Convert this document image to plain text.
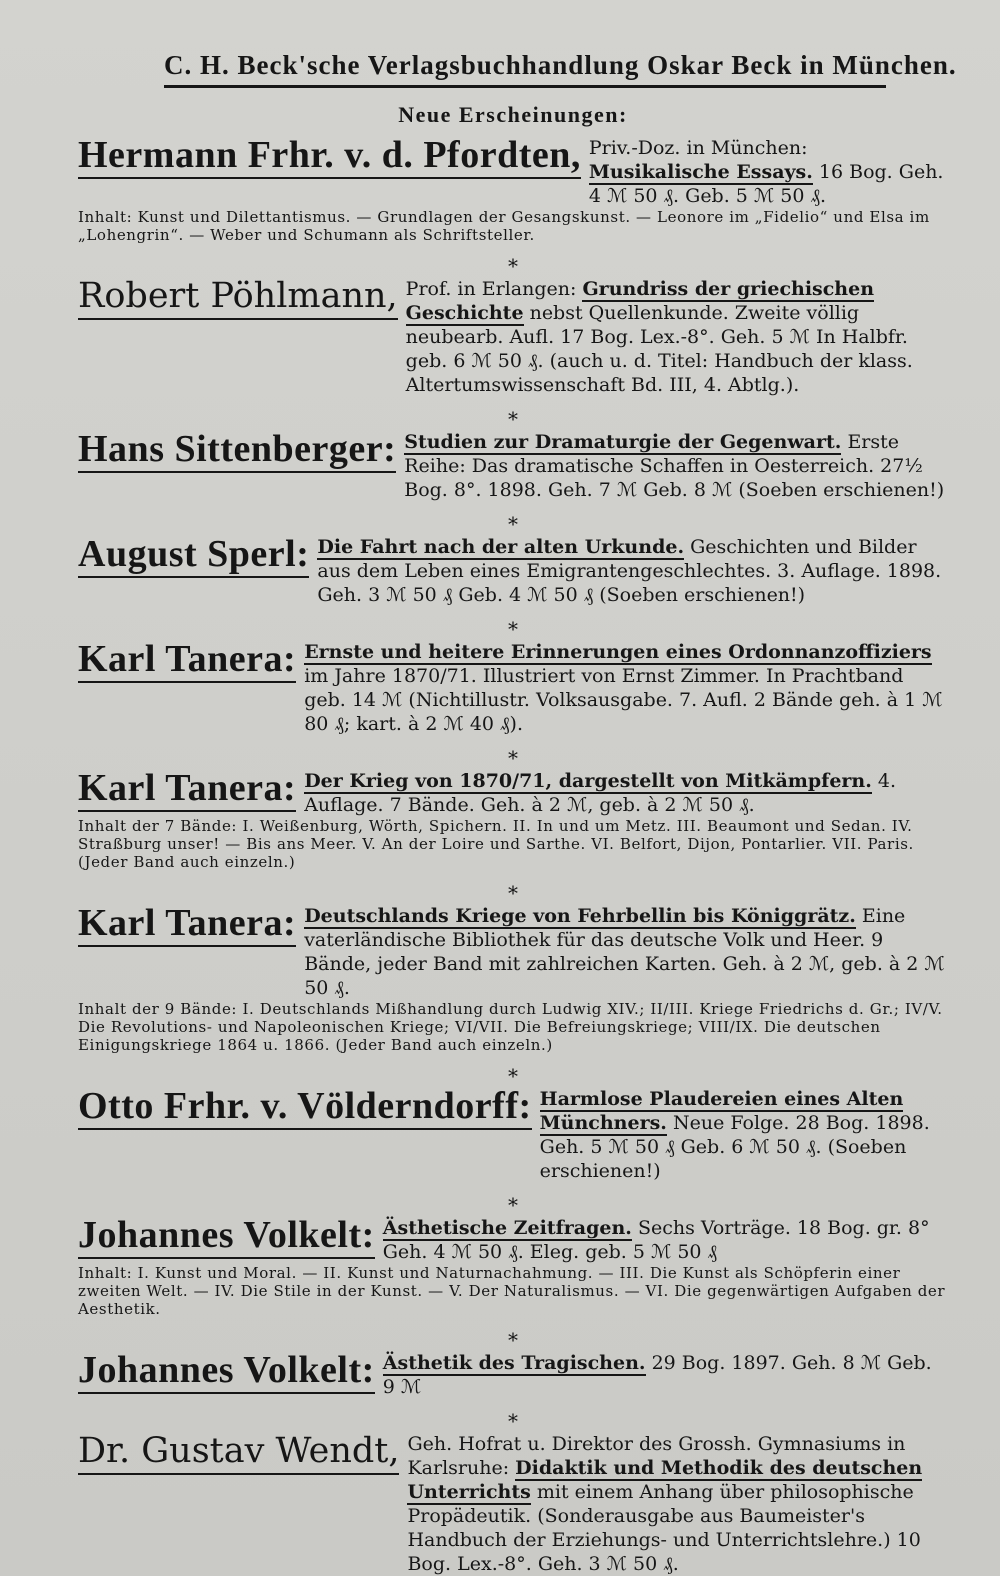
C. H. Beck'sche Verlagsbuchhandlung Oskar Beck in München.
Neue Erscheinungen:
Hermann Frhr. v. d. Pfordten, Priv.-Doz. in München: Musikalische Essays. 16 Bog. Geh. 4 ℳ 50 ₰. Geb. 5 ℳ 50 ₰.
Inhalt: Kunst und Dilettantismus. — Grundlagen der Gesangskunst. — Leonore im „Fidelio“ und Elsa im „Lohengrin“. — Weber und Schumann als Schriftsteller.
⁎
Robert Pöhlmann, Prof. in Erlangen: Grundriss der griechischen Geschichte nebst Quellenkunde. Zweite völlig neubearb. Aufl. 17 Bog. Lex.-8°. Geh. 5 ℳ In Halbfr. geb. 6 ℳ 50 ₰. (auch u. d. Titel: Handbuch der klass. Altertumswissenschaft Bd. III, 4. Abtlg.).
⁎
Hans Sittenberger: Studien zur Dramaturgie der Gegenwart. Erste Reihe: Das dramatische Schaffen in Oesterreich. 27½ Bog. 8°. 1898. Geh. 7 ℳ Geb. 8 ℳ (Soeben erschienen!)
⁎
August Sperl: Die Fahrt nach der alten Urkunde. Geschichten und Bilder aus dem Leben eines Emigrantengeschlechtes. 3. Auflage. 1898. Geh. 3 ℳ 50 ₰ Geb. 4 ℳ 50 ₰ (Soeben erschienen!)
⁎
Karl Tanera: Ernste und heitere Erinnerungen eines Ordonnanzoffiziers im Jahre 1870/71. Illustriert von Ernst Zimmer. In Prachtband geb. 14 ℳ (Nichtillustr. Volksausgabe. 7. Aufl. 2 Bände geh. à 1 ℳ 80 ₰; kart. à 2 ℳ 40 ₰).
⁎
Karl Tanera: Der Krieg von 1870/71, dargestellt von Mitkämpfern. 4. Auflage. 7 Bände. Geh. à 2 ℳ, geb. à 2 ℳ 50 ₰.
Inhalt der 7 Bände: I. Weißenburg, Wörth, Spichern. II. In und um Metz. III. Beaumont und Sedan. IV. Straßburg unser! — Bis ans Meer. V. An der Loire und Sarthe. VI. Belfort, Dijon, Pontarlier. VII. Paris. (Jeder Band auch einzeln.)
⁎
Karl Tanera: Deutschlands Kriege von Fehrbellin bis Königgrätz. Eine vaterländische Bibliothek für das deutsche Volk und Heer. 9 Bände, jeder Band mit zahlreichen Karten. Geh. à 2 ℳ, geb. à 2 ℳ 50 ₰.
Inhalt der 9 Bände: I. Deutschlands Mißhandlung durch Ludwig XIV.; II/III. Kriege Friedrichs d. Gr.; IV/V. Die Revolutions- und Napoleonischen Kriege; VI/VII. Die Befreiungskriege; VIII/IX. Die deutschen Einigungskriege 1864 u. 1866. (Jeder Band auch einzeln.)
⁎
Otto Frhr. v. Völderndorff: Harmlose Plaudereien eines Alten Münchners. Neue Folge. 28 Bog. 1898. Geh. 5 ℳ 50 ₰ Geb. 6 ℳ 50 ₰. (Soeben erschienen!)
⁎
Johannes Volkelt: Ästhetische Zeitfragen. Sechs Vorträge. 18 Bog. gr. 8° Geh. 4 ℳ 50 ₰. Eleg. geb. 5 ℳ 50 ₰
Inhalt: I. Kunst und Moral. — II. Kunst und Naturnachahmung. — III. Die Kunst als Schöpferin einer zweiten Welt. — IV. Die Stile in der Kunst. — V. Der Naturalismus. — VI. Die gegenwärtigen Aufgaben der Aesthetik.
⁎
Johannes Volkelt: Ästhetik des Tragischen. 29 Bog. 1897. Geh. 8 ℳ Geb. 9 ℳ
⁎
Dr. Gustav Wendt, Geh. Hofrat u. Direktor des Grossh. Gymnasiums in Karlsruhe: Didaktik und Methodik des deutschen Unterrichts mit einem Anhang über philosophische Propädeutik. (Sonderausgabe aus Baumeister's Handbuch der Erziehungs- und Unterrichtslehre.) 10 Bog. Lex.-8°. Geh. 3 ℳ 50 ₰.
